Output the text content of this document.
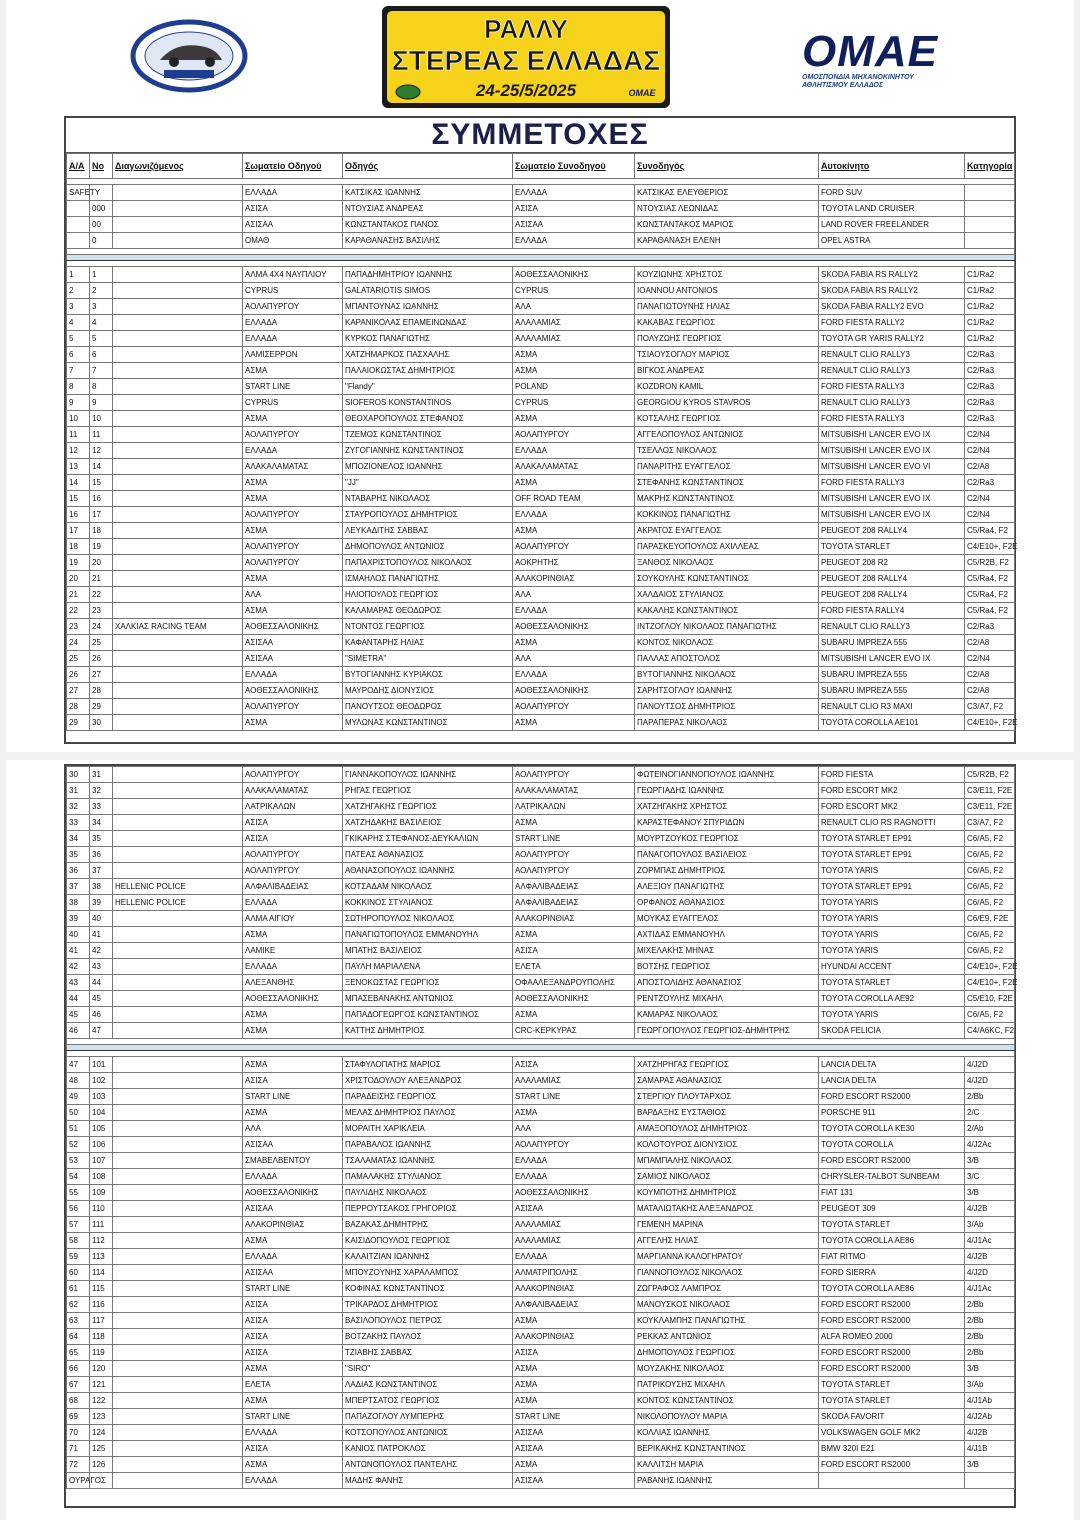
ΡΑΛΛΥ
ΣΤΕΡΕΑΣ ΕΛΛΑΔΑΣ
24-25/5/2025	OMAE
OMAE
ΟΜΟΣΠΟΝΔΙΑ ΜΗΧΑΝΟΚΙΝΗΤΟΥ
ΑΘΛΗΤΙΣΜΟΥ ΕΛΛΑΔΟΣ
ΣΥΜΜΕΤΟΧΕΣ
Α/Α	No	Διαγωνιζόμενος	Σωματείο Οδηγού	Οδηγός	Σωματείο Συνοδηγού	Συνοδηγός	Αυτοκίνητο	Κατηγορία

SAFETY			ΕΛΛΑΔΑ	ΚΑΤΣΙΚΑΣ ΙΩΑΝΝΗΣ	ΕΛΛΑΔΑ	ΚΑΤΣΙΚΑΣ ΕΛΕΥΘΕΡΙΟΣ	FORD SUV	
	000		ΑΣΙΣΑ	ΝΤΟΥΣΙΑΣ ΑΝΔΡΕΑΣ	ΑΣΙΣΑ	ΝΤΟΥΣΙΑΣ ΛΕΩΝΙΔΑΣ	TOYOTA LAND CRUISER	
	00		ΑΣΙΣΑΑ	ΚΩΝΣΤΑΝΤΑΚΟΣ ΠΑΝΟΣ	ΑΣΙΣΑΑ	ΚΩΝΣΤΑΝΤΑΚΟΣ ΜΑΡΙΟΣ	LAND ROVER FREELANDER	
	0		ΟΜΑΘ	ΚΑΡΑΘΑΝΑΣΗΣ ΒΑΣΙΛΗΣ	ΕΛΛΑΔΑ	ΚΑΡΑΘΑΝΑΣΗ ΕΛΕΝΗ	OPEL ASTRA	

1	1		ΑΛΜΑ 4Χ4 ΝΑΥΠΛΙΟΥ	ΠΑΠΑΔΗΜΗΤΡΙΟΥ ΙΩΑΝΝΗΣ	ΑΟΘΕΣΣΑΛΟΝΙΚΗΣ	ΚΟΥΖΙΩΝΗΣ ΧΡΗΣΤΟΣ	SKODA FABIA RS RALLY2	C1/Ra2
2	2		CYPRUS	GALATARIOTIS SIMOS	CYPRUS	IOANNOU ANTONIOS	SKODA FABIA RS RALLY2	C1/Ra2
3	3		ΑΟΛΑΠΥΡΓΟΥ	ΜΠΑΝΤΟΥΝΑΣ ΙΩΑΝΝΗΣ	ΑΛΑ	ΠΑΝΑΓΙΩΤΟΥΝΗΣ ΗΛΙΑΣ	SKODA FABIA RALLY2 EVO	C1/Ra2
4	4		ΕΛΛΑΔΑ	ΚΑΡΑΝΙΚΟΛΑΣ ΕΠΑΜΕΙΝΩΝΔΑΣ	ΑΛΑΛΑΜΙΑΣ	ΚΑΚΑΒΑΣ ΓΕΩΡΓΙΟΣ	FORD FIESTA RALLY2	C1/Ra2
5	5		ΕΛΛΑΔΑ	ΚΥΡΚΟΣ ΠΑΝΑΓΙΩΤΗΣ	ΑΛΑΛΑΜΙΑΣ	ΠΟΛΥΖΩΗΣ ΓΕΩΡΓΙΟΣ	TOYOTA GR YARIS RALLY2	C1/Ra2
6	6		ΛΑΜΙΣΕΡΡΟΝ	ΧΑΤΖΗΜΑΡΚΟΣ ΠΑΣΧΑΛΗΣ	ΑΣΜΑ	ΤΣΙΑΟΥΣΟΓΛΟΥ ΜΑΡΙΟΣ	RENAULT CLIO RALLY3	C2/Ra3
7	7		ΑΣΜΑ	ΠΑΛΑΙΟΚΩΣΤΑΣ ΔΗΜΗΤΡΙΟΣ	ΑΣΜΑ	ΒΙΓΚΟΣ ΑΝΔΡΕΑΣ	RENAULT CLIO RALLY3	C2/Ra3
8	8		START LINE	"Flandy"	POLAND	KOZDRON KAMIL	FORD FIESTA RALLY3	C2/Ra3
9	9		CYPRUS	SIOFEROS KONSTANTINOS	CYPRUS	GEORGIOU KYROS STAVROS	RENAULT CLIO RALLY3	C2/Ra3
10	10		ΑΣΜΑ	ΘΕΟΧΑΡΟΠΟΥΛΟΣ ΣΤΕΦΑΝΟΣ	ΑΣΜΑ	ΚΟΤΣΑΛΗΣ ΓΕΩΡΓΙΟΣ	FORD FIESTA RALLY3	C2/Ra3
11	11		ΑΟΛΑΠΥΡΓΟΥ	ΤΖΕΜΟΣ ΚΩΝΣΤΑΝΤΙΝΟΣ	ΑΟΛΑΠΥΡΓΟΥ	ΑΓΓΕΛΟΠΟΥΛΟΣ ΑΝΤΩΝΙΟΣ	MITSUBISHI LANCER EVO IX	C2/N4
12	12		ΕΛΛΑΔΑ	ΖΥΓΟΓΙΑΝΝΗΣ ΚΩΝΣΤΑΝΤΙΝΟΣ	ΕΛΛΑΔΑ	ΤΣΕΛΛΟΣ ΝΙΚΟΛΑΟΣ	MITSUBISHI LANCER EVO IX	C2/N4
13	14		ΑΛΑΚΑΛΑΜΑΤΑΣ	ΜΠΟΖΙΟΝΕΛΟΣ ΙΩΑΝΝΗΣ	ΑΛΑΚΑΛΑΜΑΤΑΣ	ΠΑΝΑΡΙΤΗΣ ΕΥΑΓΓΕΛΟΣ	MITSUBISHI LANCER EVO VI	C2/A8
14	15		ΑΣΜΑ	"JJ"	ΑΣΜΑ	ΣΤΕΦΑΝΗΣ ΚΩΝΣΤΑΝΤΙΝΟΣ	FORD FIESTA RALLY3	C2/Ra3
15	16		ΑΣΜΑ	ΝΤΑΒΑΡΗΣ ΝΙΚΟΛΑΟΣ	OFF ROAD TEAM	ΜΑΚΡΗΣ ΚΩΝΣΤΑΝΤΙΝΟΣ	MITSUBISHI LANCER EVO IX	C2/N4
16	17		ΑΟΛΑΠΥΡΓΟΥ	ΣΤΑΥΡΟΠΟΥΛΟΣ ΔΗΜΗΤΡΙΟΣ	ΕΛΛΑΔΑ	ΚΟΚΚΙΝΟΣ ΠΑΝΑΓΙΩΤΗΣ	MITSUBISHI LANCER EVO IX	C2/N4
17	18		ΑΣΜΑ	ΛΕΥΚΑΔΙΤΗΣ ΣΑΒΒΑΣ	ΑΣΜΑ	ΑΚΡΑΤΟΣ ΕΥΑΓΓΕΛΟΣ	PEUGEOT 208 RALLY4	C5/Ra4, F2
18	19		ΑΟΛΑΠΥΡΓΟΥ	ΔΗΜΟΠΟΥΛΟΣ ΑΝΤΩΝΙΟΣ	ΑΟΛΑΠΥΡΓΟΥ	ΠΑΡΑΣΚΕΥΟΠΟΥΛΟΣ ΑΧΙΛΛΕΑΣ	TOYOTA STARLET	C4/E10+, F2E
19	20		ΑΟΛΑΠΥΡΓΟΥ	ΠΑΠΑΧΡΙΣΤΟΠΟΥΛΟΣ ΝΙΚΟΛΑΟΣ	ΑΟΚΡΗΤΗΣ	ΞΑΝΘΟΣ ΝΙΚΟΛΑΟΣ	PEUGEOT 208 R2	C5/R2B, F2
20	21		ΑΣΜΑ	ΙΣΜΑΗΛΟΣ ΠΑΝΑΓΙΩΤΗΣ	ΑΛΑΚΟΡΙΝΘΙΑΣ	ΣΟΥΚΟΥΛΗΣ ΚΩΝΣΤΑΝΤΙΝΟΣ	PEUGEOT 208 RALLY4	C5/Ra4, F2
21	22		ΑΛΑ	ΗΛΙΟΠΟΥΛΟΣ ΓΕΩΡΓΙΟΣ	ΑΛΑ	ΧΑΛΔΑΙΟΣ ΣΤΥΛΙΑΝΟΣ	PEUGEOT 208 RALLY4	C5/Ra4, F2
22	23		ΑΣΜΑ	ΚΑΛΑΜΑΡΑΣ ΘΕΟΔΩΡΟΣ	ΕΛΛΑΔΑ	ΚΑΚΑΛΗΣ ΚΩΝΣΤΑΝΤΙΝΟΣ	FORD FIESTA RALLY4	C5/Ra4, F2
23	24	ΧΑΛΚΙΑΣ RACING TEAM	ΑΟΘΕΣΣΑΛΟΝΙΚΗΣ	ΝΤΟΝΤΟΣ ΓΕΩΡΓΙΟΣ	ΑΟΘΕΣΣΑΛΟΝΙΚΗΣ	ΙΝΤΖΟΓΛΟΥ ΝΙΚΟΛΑΟΣ ΠΑΝΑΓΙΩΤΗΣ	RENAULT CLIO RALLY3	C2/Ra3
24	25		ΑΣΙΣΑΑ	ΚΑΦΑΝΤΑΡΗΣ ΗΛΙΑΣ	ΑΣΜΑ	ΚΟΝΤΟΣ ΝΙΚΟΛΑΟΣ	SUBARU IMPREZA 555	C2/A8
25	26		ΑΣΙΣΑΑ	"SIMETRA"	ΑΛΑ	ΠΑΛΛΑΣ ΑΠΟΣΤΟΛΟΣ	MITSUBISHI LANCER EVO IX	C2/N4
26	27		ΕΛΛΑΔΑ	ΒΥΤΟΓΙΑΝΝΗΣ ΚΥΡΙΑΚΟΣ	ΕΛΛΑΔΑ	ΒΥΤΟΓΙΑΝΝΗΣ ΝΙΚΟΛΑΟΣ	SUBARU IMPREZA 555	C2/A8
27	28		ΑΟΘΕΣΣΑΛΟΝΙΚΗΣ	ΜΑΥΡΟΔΗΣ ΔΙΟΝΥΣΙΟΣ	ΑΟΘΕΣΣΑΛΟΝΙΚΗΣ	ΣΑΡΗΤΣΟΓΛΟΥ ΙΩΑΝΝΗΣ	SUBARU IMPREZA 555	C2/A8
28	29		ΑΟΛΑΠΥΡΓΟΥ	ΠΑΝΟΥΤΣΟΣ ΘΕΟΔΩΡΟΣ	ΑΟΛΑΠΥΡΓΟΥ	ΠΑΝΟΥΤΣΟΣ ΔΗΜΗΤΡΙΟΣ	RENAULT CLIO R3 MAXI	C3/A7, F2
29	30		ΑΣΜΑ	ΜΥΛΩΝΑΣ ΚΩΝΣΤΑΝΤΙΝΟΣ	ΑΣΜΑ	ΠΑΡΑΠΕΡΑΣ ΝΙΚΟΛΑΟΣ	TOYOTA COROLLA AE101	C4/E10+, F2E
30	31		ΑΟΛΑΠΥΡΓΟΥ	ΓΙΑΝΝΑΚΟΠΟΥΛΟΣ ΙΩΑΝΝΗΣ	ΑΟΛΑΠΥΡΓΟΥ	ΦΩΤΕΙΝΟΓΙΑΝΝΟΠΟΥΛΟΣ ΙΩΑΝΝΗΣ	FORD FIESTA	C5/R2B, F2
31	32		ΑΛΑΚΑΛΑΜΑΤΑΣ	ΡΗΓΑΣ ΓΕΩΡΓΙΟΣ	ΑΛΑΚΑΛΑΜΑΤΑΣ	ΓΕΩΡΓΙΑΔΗΣ ΙΩΑΝΝΗΣ	FORD ESCORT MK2	C3/E11, F2E
32	33		ΛΑΤΡΙΚΑΛΩΝ	ΧΑΤΖΗΓΑΚΗΣ ΓΕΩΡΓΙΟΣ	ΛΑΤΡΙΚΑΛΩΝ	ΧΑΤΖΗΓΑΚΗΣ ΧΡΗΣΤΟΣ	FORD ESCORT MK2	C3/E11, F2E
33	34		ΑΣΙΣΑ	ΧΑΤΖΗΔΑΚΗΣ ΒΑΣΙΛΕΙΟΣ	ΑΣΜΑ	ΚΑΡΑΣΤΕΦΑΝΟΥ ΣΠΥΡΙΔΩΝ	RENAULT CLIO RS RAGNOTTI	C3/A7, F2
34	35		ΑΣΙΣΑ	ΓΚΙΚΑΡΗΣ ΣΤΕΦΑΝΟΣ-ΔΕΥΚΑΛΙΩΝ	START LINE	ΜΟΥΡΤΖΟΥΚΟΣ ΓΕΩΡΓΙΟΣ	TOYOTA STARLET EP91	C6/A5, F2
35	36		ΑΟΛΑΠΥΡΓΟΥ	ΠΑΤΕΑΣ ΑΘΑΝΑΣΙΟΣ	ΑΟΛΑΠΥΡΓΟΥ	ΠΑΝΑΓΟΠΟΥΛΟΣ ΒΑΣΙΛΕΙΟΣ	TOYOTA STARLET EP91	C6/A5, F2
36	37		ΑΟΛΑΠΥΡΓΟΥ	ΑΘΑΝΑΣΟΠΟΥΛΟΣ ΙΩΑΝΝΗΣ	ΑΟΛΑΠΥΡΓΟΥ	ΖΟΡΜΠΑΣ ΔΗΜΗΤΡΙΟΣ	TOYOTA YARIS	C6/A5, F2
37	38	HELLENIC POLICE	ΑΛΦΑΛΙΒΑΔΕΙΑΣ	ΚΟΤΣΑΔΑΜ ΝΙΚΟΛΑΟΣ	ΑΛΦΑΛΙΒΑΔΕΙΑΣ	ΑΛΕΞΙΟΥ ΠΑΝΑΓΙΩΤΗΣ	TOYOTA STARLET EP91	C6/A5, F2
38	39	HELLENIC POLICE	ΕΛΛΑΔΑ	ΚΟΚΚΙΝΟΣ ΣΤΥΛΙΑΝΟΣ	ΑΛΦΑΛΙΒΑΔΕΙΑΣ	ΟΡΦΑΝΟΣ ΑΘΑΝΑΣΙΟΣ	TOYOTA YARIS	C6/A5, F2
39	40		ΑΛΜΑ ΑΙΓΙΟΥ	ΣΩΤΗΡΟΠΟΥΛΟΣ ΝΙΚΟΛΑΟΣ	ΑΛΑΚΟΡΙΝΘΙΑΣ	ΜΟΥΚΑΣ ΕΥΑΓΓΕΛΟΣ	TOYOTA YARIS	C6/E9, F2E
40	41		ΑΣΜΑ	ΠΑΝΑΓΙΩΤΟΠΟΥΛΟΣ ΕΜΜΑΝΟΥΗΛ	ΑΣΜΑ	ΑΧΤΙΔΑΣ ΕΜΜΑΝΟΥΗΛ	TOYOTA YARIS	C6/A5, F2
41	42		ΛΑΜΙΚΕ	ΜΠΑΤΗΣ ΒΑΣΙΛΕΙΟΣ	ΑΣΙΣΑ	ΜΙΧΕΛΑΚΗΣ ΜΗΝΑΣ	TOYOTA YARIS	C6/A5, F2
42	43		ΕΛΛΑΔΑ	ΠΑΥΛΗ ΜΑΡΙΑΛΕΝΑ	ΕΛΕΤΑ	ΒΟΤΣΗΣ ΓΕΩΡΓΙΟΣ	HYUNDAI ACCENT	C4/E10+, F2E
43	44		ΑΛΕΞΑΝΘΗΣ	ΞΕΝΟΚΩΣΤΑΣ ΓΕΩΡΓΙΟΣ	ΟΦΑΑΛΕΞΑΝΔΡΟΥΠΟΛΗΣ	ΑΠΟΣΤΟΛΙΔΗΣ ΑΘΑΝΑΣΙΟΣ	TOYOTA STARLET	C4/E10+, F2E
44	45		ΑΟΘΕΣΣΑΛΟΝΙΚΗΣ	ΜΠΑΣΕΒΑΝΑΚΗΣ ΑΝΤΩΝΙΟΣ	ΑΟΘΕΣΣΑΛΟΝΙΚΗΣ	ΡΕΝΤΖΟΥΛΗΣ ΜΙΧΑΗΛ	TOYOTA COROLLA AE92	C5/E10, F2E
45	46		ΑΣΜΑ	ΠΑΠΑΔΟΓΕΩΡΓΟΣ ΚΩΝΣΤΑΝΤΙΝΟΣ	ΑΣΜΑ	ΚΑΜΑΡΑΣ ΝΙΚΟΛΑΟΣ	TOYOTA YARIS	C6/A5, F2
46	47		ΑΣΜΑ	ΚΑΤΤΗΣ ΔΗΜΗΤΡΙΟΣ	CRC-ΚΕΡΚΥΡΑΣ	ΓΕΩΡΓΟΠΟΥΛΟΣ ΓΕΩΡΓΙΟΣ-ΔΗΜΗΤΡΗΣ	SKODA FELICIA	C4/A6KC, F2

47	101		ΑΣΜΑ	ΣΤΑΦΥΛΟΠΑΤΗΣ ΜΑΡΙΟΣ	ΑΣΙΣΑ	ΧΑΤΖΗΡΗΓΑΣ ΓΕΩΡΓΙΟΣ	LANCIA DELTA	4/J2D
48	102		ΑΣΙΣΑ	ΧΡΙΣΤΟΔΟΥΛΟΥ ΑΛΕΞΑΝΔΡΟΣ	ΑΛΑΛΑΜΙΑΣ	ΣΑΜΑΡΑΣ ΑΘΑΝΑΣΙΟΣ	LANCIA DELTA	4/J2D
49	103		START LINE	ΠΑΡΑΔΕΙΣΗΣ ΓΕΩΡΓΙΟΣ	START LINE	ΣΤΕΡΓΙΟΥ ΠΛΟΥΤΑΡΧΟΣ	FORD ESCORT RS2000	2/Bb
50	104		ΑΣΜΑ	ΜΕΛΑΣ ΔΗΜΗΤΡΙΟΣ ΠΑΥΛΟΣ	ΑΣΜΑ	ΒΑΡΔΑΞΗΣ ΕΥΣΤΑΘΙΟΣ	PORSCHE 911	2/C
51	105		ΑΛΑ	ΜΟΡΑΙΤΗ ΧΑΡΙΚΛΕΙΑ	ΑΛΑ	ΑΜΑΞΟΠΟΥΛΟΣ ΔΗΜΗΤΡΙΟΣ	TOYOTA COROLLA KE30	2/Ab
52	106		ΑΣΙΣΑΑ	ΠΑΡΑΒΑΛΟΣ ΙΩΑΝΝΗΣ	ΑΟΛΑΠΥΡΓΟΥ	ΚΟΛΟΤΟΥΡΟΣ ΔΙΟΝΥΣΙΟΣ	TOYOTA COROLLA	4/J2Ac
53	107		ΣΜΑΒΕΛΒΕΝΤΟΥ	ΤΣΑΛΑΜΑΤΑΣ ΙΩΑΝΝΗΣ	ΕΛΛΑΔΑ	ΜΠΑΜΠΑΛΗΣ ΝΙΚΟΛΑΟΣ	FORD ESCORT RS2000	3/B
54	108		ΕΛΛΑΔΑ	ΠΑΜΑΛΑΚΗΣ ΣΤΥΛΙΑΝΟΣ	ΕΛΛΑΔΑ	ΣΑΜΙΟΣ ΝΙΚΟΛΑΟΣ	CHRYSLER-TALBOT SUNBEAM	3/C
55	109		ΑΟΘΕΣΣΑΛΟΝΙΚΗΣ	ΠΑΥΛΙΔΗΣ ΝΙΚΟΛΑΟΣ	ΑΟΘΕΣΣΑΛΟΝΙΚΗΣ	ΚΟΥΜΠΟΤΗΣ ΔΗΜΗΤΡΙΟΣ	FIAT 131	3/B
56	110		ΑΣΙΣΑΑ	ΠΕΡΡΟΥΤΣΑΚΟΣ ΓΡΗΓΟΡΙΟΣ	ΑΣΙΣΑΑ	ΜΑΤΑΛΙΩΤΑΚΗΣ ΑΛΕΞΑΝΔΡΟΣ	PEUGEOT 309	4/J2B
57	111		ΑΛΑΚΟΡΙΝΘΙΑΣ	ΒΑΖΑΚΑΣ ΔΗΜΗΤΡΗΣ	ΑΛΑΛΑΜΙΑΣ	ΓΕΜΕΝΗ ΜΑΡΙΝΑ	TOYOTA STARLET	3/Ab
58	112		ΑΣΜΑ	ΚΑΙΣΙΔΟΠΟΥΛΟΣ ΓΕΩΡΓΙΟΣ	ΑΛΑΛΑΜΙΑΣ	ΑΓΓΕΛΗΣ ΗΛΙΑΣ	TOYOTA COROLLA AE86	4/J1Ac
59	113		ΕΛΛΑΔΑ	ΚΑΛΑΙΤΖΙΑΝ ΙΩΑΝΝΗΣ	ΕΛΛΑΔΑ	ΜΑΡΓΙΑΝΝΑ ΚΑΛΟΓΗΡΑΤΟΥ	FIAT RITMO	4/J2B
60	114		ΑΣΙΣΑΑ	ΜΠΟΥΖΟΥΝΗΣ ΧΑΡΑΛΑΜΠΟΣ	ΑΛΜΑΤΡΙΠΟΛΗΣ	ΓΙΑΝΝΟΠΟΥΛΟΣ ΝΙΚΟΛΑΟΣ	FORD SIERRA	4/J2D
61	115		START LINE	ΚΟΦΙΝΑΣ ΚΩΝΣΤΑΝΤΙΝΟΣ	ΑΛΑΚΟΡΙΝΘΙΑΣ	ΖΩΓΡΑΦΟΣ ΛΑΜΠΡΟΣ	TOYOTA COROLLA AE86	4/J1Ac
62	116		ΑΣΙΣΑ	ΤΡΙΚΑΡΔΟΣ ΔΗΜΗΤΡΙΟΣ	ΑΛΦΑΛΙΒΑΔΕΙΑΣ	ΜΑΝΟΥΣΚΟΣ ΝΙΚΟΛΑΟΣ	FORD ESCORT RS2000	2/Bb
63	117		ΑΣΙΣΑ	ΒΑΣΙΛΟΠΟΥΛΟΣ ΠΕΤΡΟΣ	ΑΣΜΑ	ΚΟΥΚΛΑΜΠΗΣ ΠΑΝΑΓΙΩΤΗΣ	FORD ESCORT RS2000	2/Bb
64	118		ΑΣΙΣΑ	ΒΟΤΖΑΚΗΣ ΠΑΥΛΟΣ	ΑΛΑΚΟΡΙΝΘΙΑΣ	ΡΕΚΚΑΣ ΑΝΤΩΝΙΟΣ	ALFA ROMEO 2000	2/Bb
65	119		ΑΣΙΣΑ	ΤΖΙΑΒΗΣ ΣΑΒΒΑΣ	ΑΣΙΣΑ	ΔΗΜΟΠΟΥΛΟΣ ΓΕΩΡΓΙΟΣ	FORD ESCORT RS2000	2/Bb
66	120		ΑΣΜΑ	"SIRO"	ΑΣΜΑ	ΜΟΥΖΑΚΗΣ ΝΙΚΟΛΑΟΣ	FORD ESCORT RS2000	3/B
67	121		ΕΛΕΤΑ	ΛΑΔΙΑΣ ΚΩΝΣΤΑΝΤΙΝΟΣ	ΑΣΜΑ	ΠΑΤΡΙΚΟΥΣΗΣ ΜΙΧΑΗΛ	TOYOTA STARLET	3/Ab
68	122		ΑΣΜΑ	ΜΠΕΡΤΣΑΤΟΣ ΓΕΩΡΓΙΟΣ	ΑΣΜΑ	ΚΟΝΤΟΣ ΚΩΝΣΤΑΝΤΙΝΟΣ	TOYOTA STARLET	4/J1Ab
69	123		START LINE	ΠΑΠΑΖΟΓΛΟΥ ΛΥΜΠΕΡΗΣ	START LINE	ΝΙΚΟΛΟΠΟΥΛΟΥ ΜΑΡΙΑ	SKODA FAVORIT	4/J2Ab
70	124		ΕΛΛΑΔΑ	ΚΟΤΣΟΠΟΥΛΟΣ ΑΝΤΩΝΙΟΣ	ΑΣΙΣΑΑ	ΚΟΛΛΙΑΣ ΙΩΑΝΝΗΣ	VOLKSWAGEN GOLF MK2	4/J2B
71	125		ΑΣΙΣΑ	ΚΑΝΙΟΣ ΠΑΤΡΟΚΛΟΣ	ΑΣΙΣΑΑ	ΒΕΡΙΚΑΚΗΣ ΚΩΝΣΤΑΝΤΙΝΟΣ	BMW 320I E21	4/J1B
72	126		ΑΣΜΑ	ΑΝΤΩΝΟΠΟΥΛΟΣ ΠΑΝΤΕΛΗΣ	ΑΣΜΑ	ΚΑΛΛΙΤΣΗ ΜΑΡΙΑ	FORD ESCORT RS2000	3/B
ΟΥΡΑΓΟΣ			ΕΛΛΑΔΑ	ΜΑΔΗΣ ΦΑΝΗΣ	ΑΣΙΣΑΑ	ΡΑΒΑΝΗΣ ΙΩΑΝΝΗΣ		
